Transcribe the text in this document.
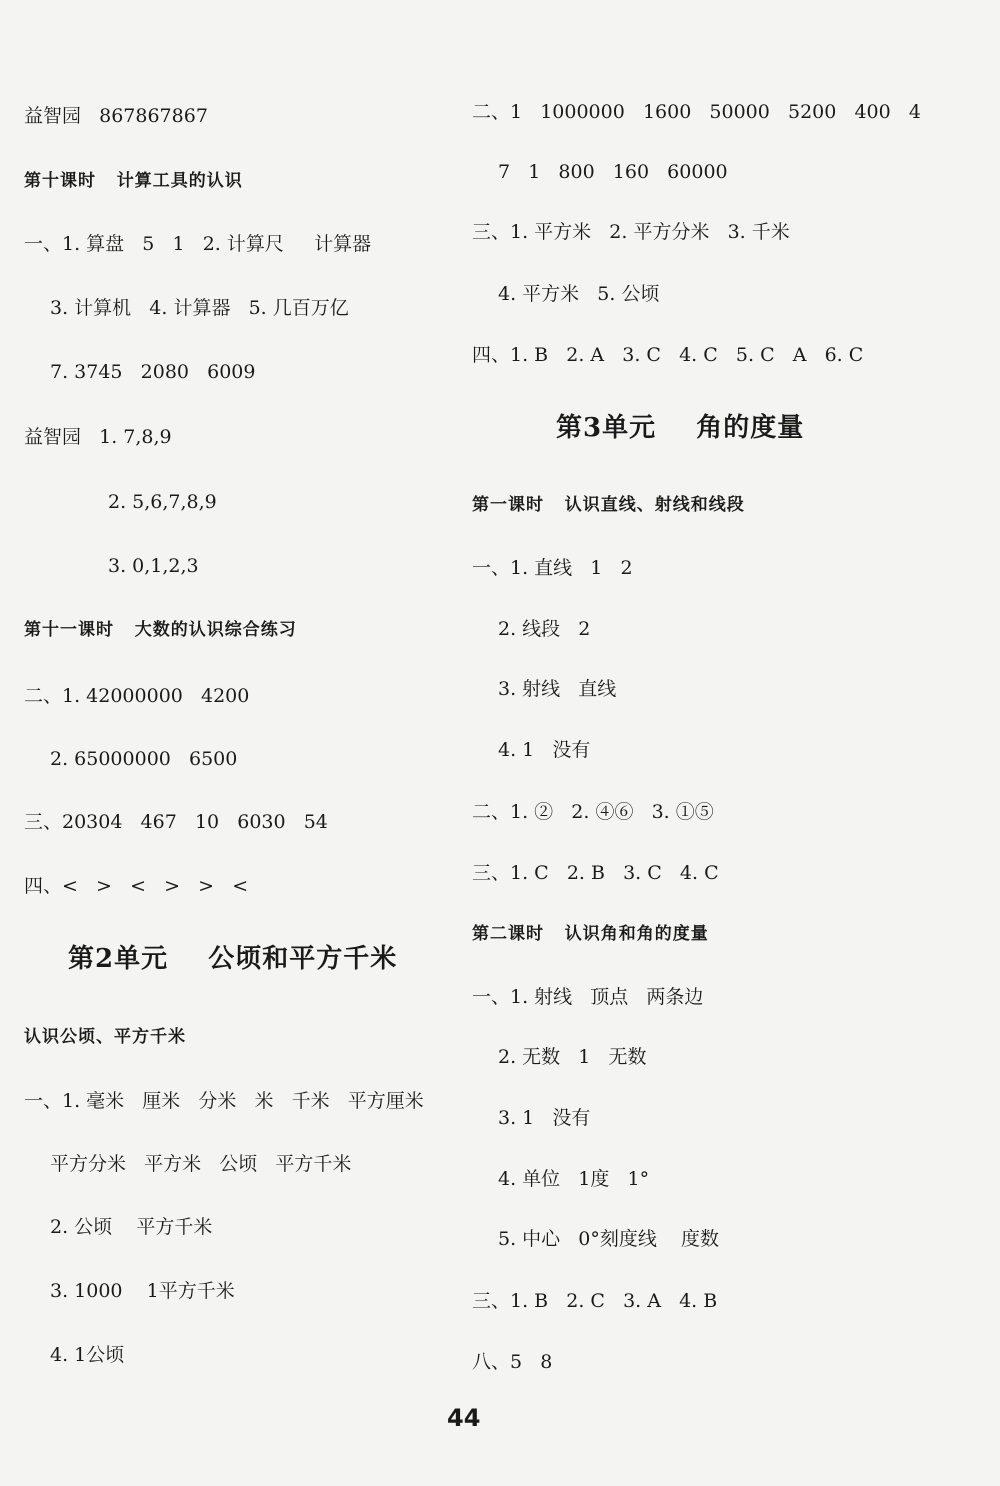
益智园   867867867
第十课时   计算工具的认识
一、1. 算盘   5   1   2. 计算尺     计算器
3. 计算机   4. 计算器   5. 几百万亿
7. 3745   2080   6009
益智园   1. 7,8,9
2. 5,6,7,8,9
3. 0,1,2,3
第十一课时   大数的认识综合练习
二、1. 42000000   4200
2. 65000000   6500
三、20304   467   10   6030   54
四、<   >   <   >   >   <
第2单元    公顷和平方千米
认识公顷、平方千米
一、1. 毫米   厘米   分米   米   千米   平方厘米
平方分米   平方米   公顷   平方千米
2. 公顷    平方千米
3. 1000    1平方千米
4. 1公顷
二、1   1000000   1600   50000   5200   400   4
7   1   800   160   60000
三、1. 平方米   2. 平方分米   3. 千米
4. 平方米   5. 公顷
四、1. B   2. A   3. C   4. C   5. C   A   6. C
第3单元    角的度量
第一课时   认识直线、射线和线段
一、1. 直线   1   2
2. 线段   2
3. 射线   直线
4. 1   没有
二、1. ②   2. ④⑥   3. ①⑤
三、1. C   2. B   3. C   4. C
第二课时   认识角和角的度量
一、1. 射线   顶点   两条边
2. 无数   1   无数
3. 1   没有
4. 单位   1度   1°
5. 中心   0°刻度线    度数
三、1. B   2. C   3. A   4. B
八、5   8
44
